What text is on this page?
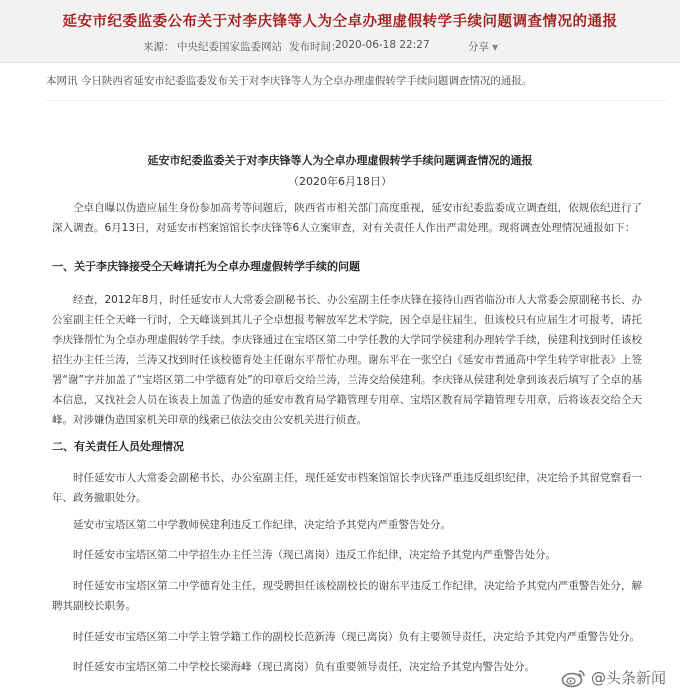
延安市纪委监委公布关于对李庆锋等人为仝卓办理虚假转学手续问题调查情况的通报
来源： 中央纪委国家监委网站 发布时间：
2020-06-18 22:27	分享 ▼
本网讯 今日陕西省延安市纪委监委发布关于对李庆锋等人为仝卓办理虚假转学手续问题调查情况的通报。
延安市纪委监委关于对李庆锋等人为仝卓办理虚假转学手续问题调查情况的通报
（2020年6月18日）
仝卓自曝以伪造应届生身份参加高考等问题后，陕西省市相关部门高度重视，延安市纪委监委成立调查组，依规依纪进行了深入调查。6月13日，对延安市档案馆馆长李庆锋等6人立案审查，对有关责任人作出严肃处理。现将调查处理情况通报如下：
一、关于李庆锋接受仝天峰请托为仝卓办理虚假转学手续的问题
经查，2012年8月，时任延安市人大常委会副秘书长、办公室副主任李庆锋在接待山西省临汾市人大常委会原副秘书长、办公室副主任仝天峰一行时，仝天峰谈到其儿子仝卓想报考解放军艺术学院，因仝卓是往届生，但该校只有应届生才可报考，请托李庆锋帮忙为仝卓办理虚假转学手续。李庆锋通过在宝塔区第二中学任教的大学同学侯建利办理转学手续，侯建利找到时任该校招生办主任兰涛，兰涛又找到时任该校德育处主任谢东平帮忙办理。谢东平在一张空白《延安市普通高中学生转学审批表》上签署“谢”字并加盖了“宝塔区第二中学德育处”的印章后交给兰涛，兰涛交给侯建利。李庆锋从侯建利处拿到该表后填写了仝卓的基本信息，又找社会人员在该表上加盖了伪造的延安市教育局学籍管理专用章、宝塔区教育局学籍管理专用章，后将该表交给仝天峰。对涉嫌伪造国家机关印章的线索已依法交由公安机关进行侦查。
二、有关责任人员处理情况
时任延安市人大常委会副秘书长、办公室副主任，现任延安市档案馆馆长李庆锋严重违反组织纪律，决定给予其留党察看一年、政务撤职处分。
延安市宝塔区第二中学教师侯建利违反工作纪律，决定给予其党内严重警告处分。
时任延安市宝塔区第二中学招生办主任兰涛（现已离岗）违反工作纪律，决定给予其党内严重警告处分。
时任延安市宝塔区第二中学德育处主任，现受聘担任该校副校长的谢东平违反工作纪律，决定给予其党内严重警告处分，解聘其副校长职务。
时任延安市宝塔区第二中学主管学籍工作的副校长范新涛（现已离岗）负有主要领导责任，决定给予其党内严重警告处分。
时任延安市宝塔区第二中学校长梁海峰（现已离岗）负有重要领导责任，决定给予其党内警告处分。
@头条新闻
